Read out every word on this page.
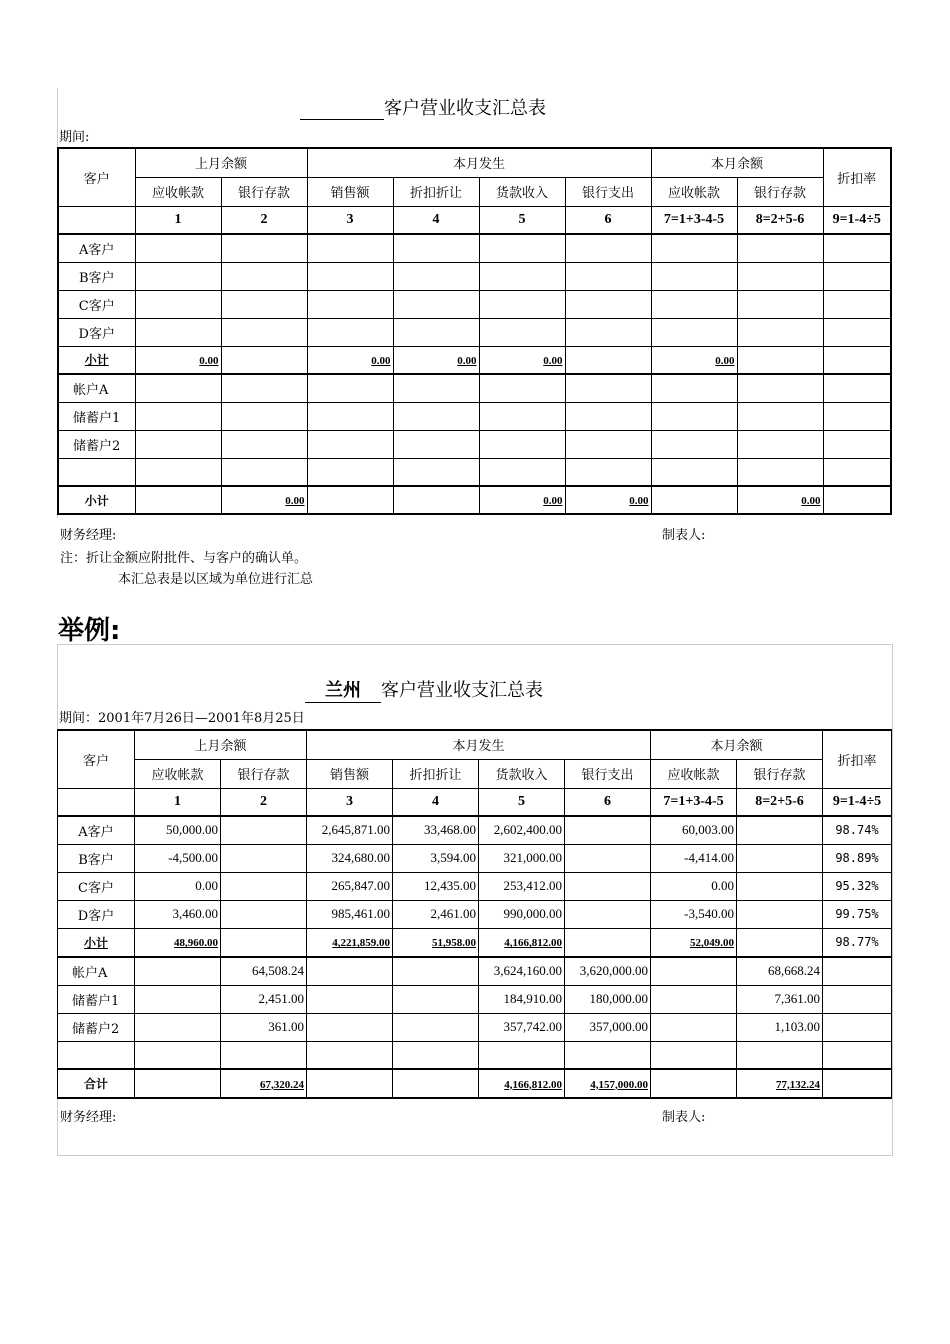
客户营业收支汇总表
期间:
客户	上月余额		本月发生				本月余额		折扣率
	应收帐款	银行存款	销售额	折扣折让	货款收入	银行支出	应收帐款	银行存款	
	1	2	3	4	5	6	7=1+3-4-5	8=2+5-6	9=1-4÷5
A客户									
B客户									
C客户									
D客户									
小计	0.00		0.00	0.00	0.00		0.00		
帐户A									
储蓄户1									
储蓄户2									

小计		0.00			0.00	0.00		0.00	
财务经理:	制表人:
注：折让金额应附批件、与客户的确认单。
本汇总表是以区域为单位进行汇总
举例:
兰州 客户营业收支汇总表
期间：2001年7月26日—2001年8月25日
客户	上月余额		本月发生				本月余额		折扣率
	应收帐款	银行存款	销售额	折扣折让	货款收入	银行支出	应收帐款	银行存款	
	1	2	3	4	5	6	7=1+3-4-5	8=2+5-6	9=1-4÷5
A客户	50,000.00		2,645,871.00	33,468.00	2,602,400.00		60,003.00		98.74%
B客户	-4,500.00		324,680.00	3,594.00	321,000.00		-4,414.00		98.89%
C客户	0.00		265,847.00	12,435.00	253,412.00		0.00		95.32%
D客户	3,460.00		985,461.00	2,461.00	990,000.00		-3,540.00		99.75%
小计	48,960.00		4,221,859.00	51,958.00	4,166,812.00		52,049.00		98.77%
帐户A		64,508.24			3,624,160.00	3,620,000.00		68,668.24	
储蓄户1		2,451.00			184,910.00	180,000.00		7,361.00	
储蓄户2		361.00			357,742.00	357,000.00		1,103.00	

合计		67,320.24			4,166,812.00	4,157,000.00		77,132.24	
财务经理:	制表人:
